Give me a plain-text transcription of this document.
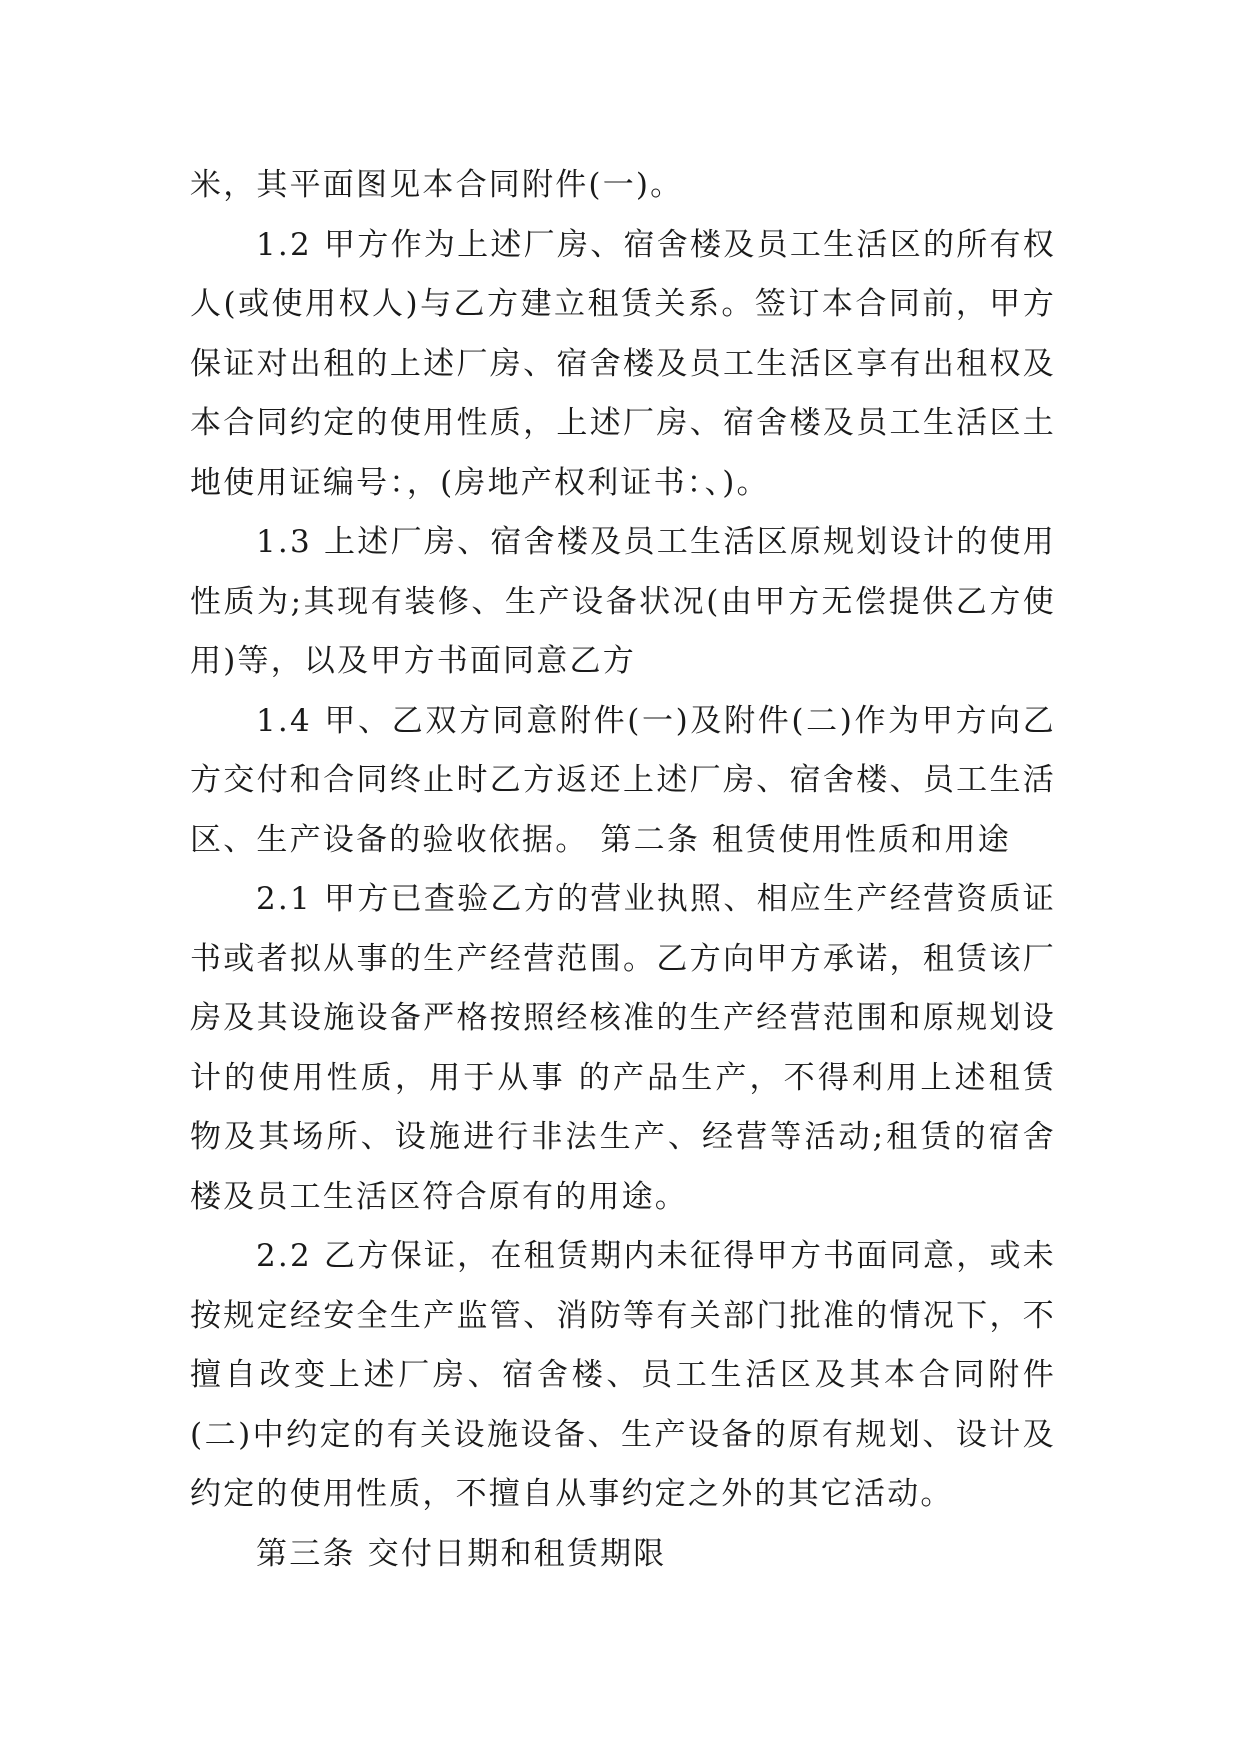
米，其平面图见本合同附件(一)。

1.2 甲方作为上述厂房、宿舍楼及员工生活区的所有权人(或使用权人)与乙方建立租赁关系。签订本合同前，甲方保证对出租的上述厂房、宿舍楼及员工生活区享有出租权及本合同约定的使用性质，上述厂房、宿舍楼及员工生活区土地使用证编号：，(房地产权利证书：、)。

1.3 上述厂房、宿舍楼及员工生活区原规划设计的使用性质为;其现有装修、生产设备状况(由甲方无偿提供乙方使用)等，以及甲方书面同意乙方

1.4 甲、乙双方同意附件(一)及附件(二)作为甲方向乙方交付和合同终止时乙方返还上述厂房、宿舍楼、员工生活区、生产设备的验收依据。 第二条 租赁使用性质和用途

2.1 甲方已查验乙方的营业执照、相应生产经营资质证书或者拟从事的生产经营范围。乙方向甲方承诺，租赁该厂房及其设施设备严格按照经核准的生产经营范围和原规划设计的使用性质，用于从事 的产品生产，不得利用上述租赁物及其场所、设施进行非法生产、经营等活动;租赁的宿舍楼及员工生活区符合原有的用途。

2.2 乙方保证，在租赁期内未征得甲方书面同意，或未按规定经安全生产监管、消防等有关部门批准的情况下，不擅自改变上述厂房、宿舍楼、员工生活区及其本合同附件(二)中约定的有关设施设备、生产设备的原有规划、设计及约定的使用性质，不擅自从事约定之外的其它活动。

第三条 交付日期和租赁期限
